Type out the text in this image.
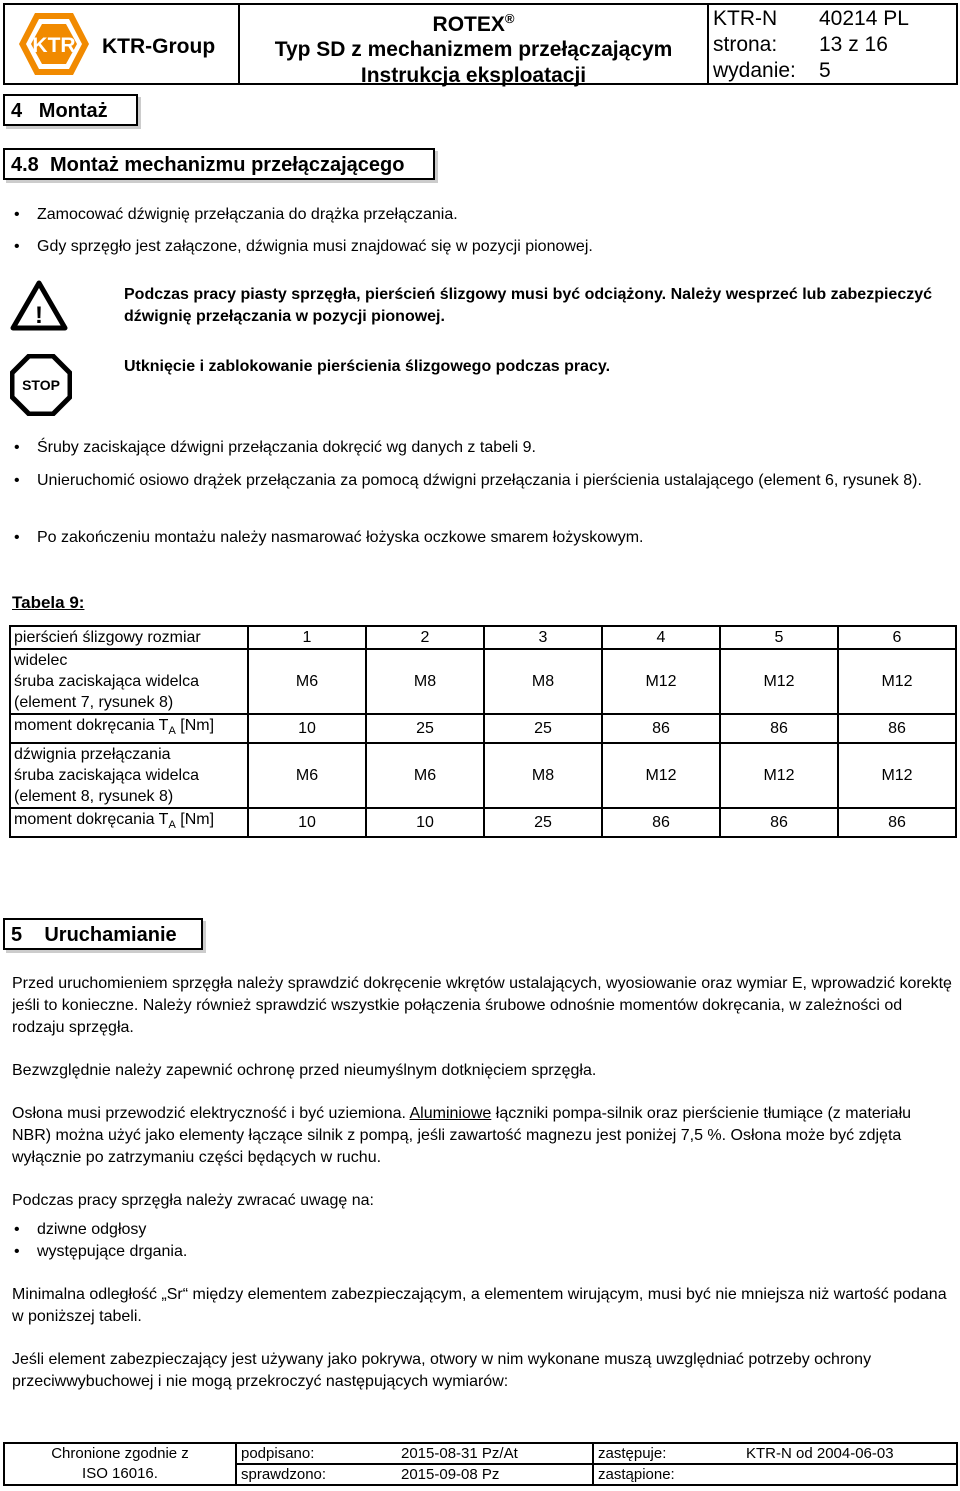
KTR KTR-Group
ROTEX®
Typ SD z mechanizmem przełączającym
Instrukcja eksploatacji
KTR-N 40214 PL
strona: 13 z 16
wydanie: 5
4 Montaż
4.8 Montaż mechanizmu przełączającego
• Zamocować dźwignię przełączania do drążka przełączania.
• Gdy sprzęgło jest załączone, dźwignia musi znajdować się w pozycji pionowej.
!
Podczas pracy piasty sprzęgła, pierścień ślizgowy musi być odciążony. Należy wesprzeć lub zabezpieczyć dźwignię przełączania w pozycji pionowej.
STOP
Utknięcie i zablokowanie pierścienia ślizgowego podczas pracy.
• Śruby zaciskające dźwigni przełączania dokręcić wg danych z tabeli 9.
• Unieruchomić osiowo drążek przełączania za pomocą dźwigni przełączania i pierścienia ustalającego (element 6, rysunek 8).
• Po zakończeniu montażu należy nasmarować łożyska oczkowe smarem łożyskowym.
Tabela 9:
pierścień ślizgowy rozmiar	1	2	3	4	5	6

widelec
śruba zaciskająca widelca
(element 7, rysunek 8)	M6	M8	M8	M12	M12	M12
moment dokręcania $T_A$ [Nm]	10	25	25	86	86	86

dźwignia przełączania
śruba zaciskająca widelca
(element 8, rysunek 8)	M6	M6	M8	M12	M12	M12
moment dokręcania $T_A$ [Nm]	10	10	25	86	86	86
5 Uruchamianie
Przed uruchomieniem sprzęgła należy sprawdzić dokręcenie wkrętów ustalających, wyosiowanie oraz wymiar E, wprowadzić korektę jeśli to konieczne. Należy również sprawdzić wszystkie połączenia śrubowe odnośnie momentów dokręcania, w zależności od rodzaju sprzęgła.
Bezwzględnie należy zapewnić ochronę przed nieumyślnym dotknięciem sprzęgła.
Osłona musi przewodzić elektryczność i być uziemiona. Aluminiowe łączniki pompa-silnik oraz pierścienie tłumiące (z materiału NBR) można użyć jako elementy łączące silnik z pompą, jeśli zawartość magnezu jest poniżej 7,5 %. Osłona może być zdjęta wyłącznie po zatrzymaniu części będących w ruchu.
Podczas pracy sprzęgła należy zwracać uwagę na:
• dziwne odgłosy
• występujące drgania.
Minimalna odległość „Sr“ między elementem zabezpieczającym, a elementem wirującym, musi być nie mniejsza niż wartość podana w poniższej tabeli.
Jeśli element zabezpieczający jest używany jako pokrywa, otwory w nim wykonane muszą uwzględniać potrzeby ochrony przeciwwybuchowej i nie mogą przekroczyć następujących wymiarów:
Chronione zgodnie z
ISO 16016.	podpisano:	2015-08-31 Pz/At	zastępuje:	KTR-N od 2004-06-03
	sprawdzono:	2015-09-08 Pz	zastąpione:	
